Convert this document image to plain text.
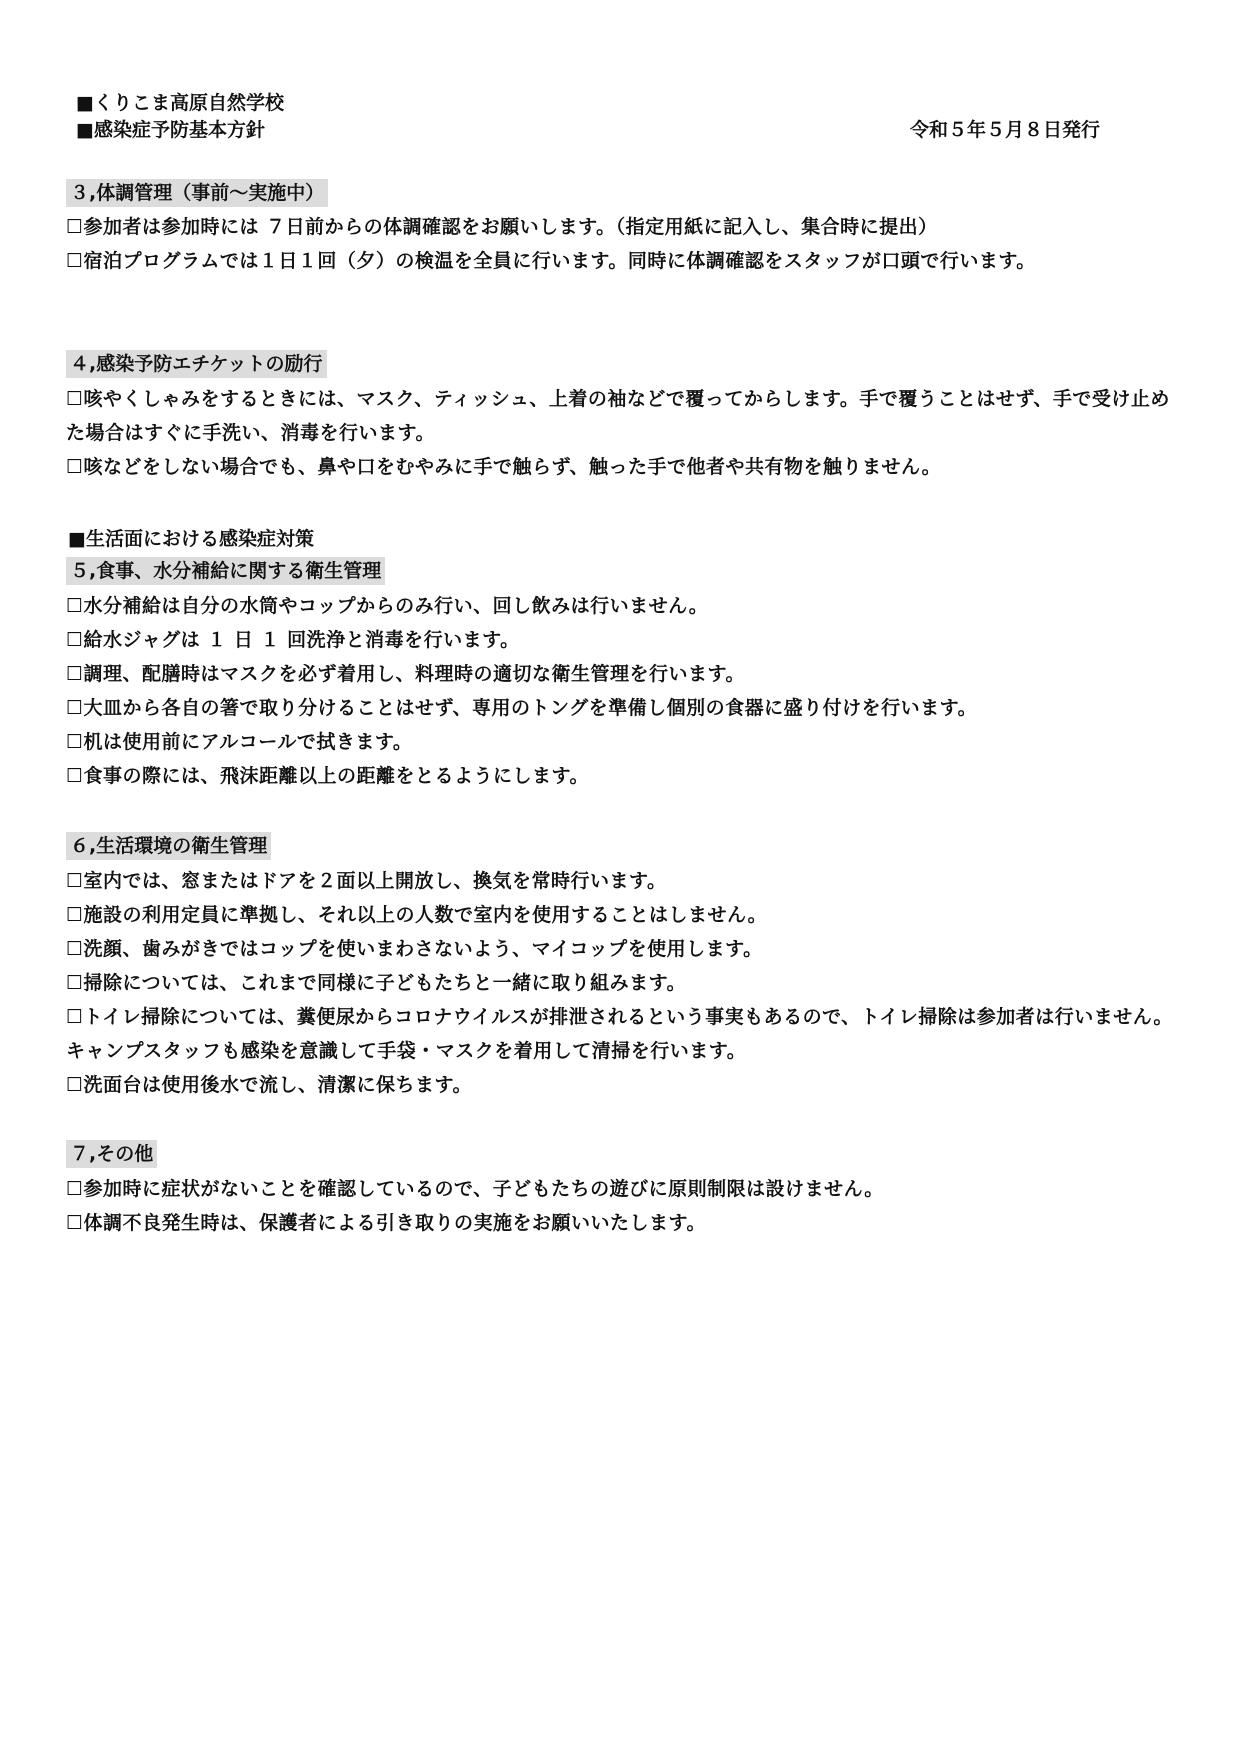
■くりこま高原自然学校
■感染症予防基本方針	令和５年５月８日発行
３,体調管理（事前～実施中）
☐参加者は参加時には ７日前からの体調確認をお願いします。（指定用紙に記入し、集合時に提出）
☐宿泊プログラムでは１日１回（夕）の検温を全員に行います。同時に体調確認をスタッフが口頭で行います。
４,感染予防エチケットの励行
☐咳やくしゃみをするときには、マスク、ティッシュ、上着の袖などで覆ってからします。手で覆うことはせず、手で受け止めた場合はすぐに手洗い、消毒を行います。
☐咳などをしない場合でも、鼻や口をむやみに手で触らず、触った手で他者や共有物を触りません。
■生活面における感染症対策
５,食事、水分補給に関する衛生管理
☐水分補給は自分の水筒やコップからのみ行い、回し飲みは行いません。
☐給水ジャグは １ 日 １ 回洗浄と消毒を行います。
☐調理、配膳時はマスクを必ず着用し、料理時の適切な衛生管理を行います。
☐大皿から各自の箸で取り分けることはせず、専用のトングを準備し個別の食器に盛り付けを行います。
☐机は使用前にアルコールで拭きます。
☐食事の際には、飛沫距離以上の距離をとるようにします。
６,生活環境の衛生管理
☐室内では、窓またはドアを２面以上開放し、換気を常時行います。
☐施設の利用定員に準拠し、それ以上の人数で室内を使用することはしません。
☐洗顔、歯みがきではコップを使いまわさないよう、マイコップを使用します。
☐掃除については、これまで同様に子どもたちと一緒に取り組みます。
☐トイレ掃除については、糞便尿からコロナウイルスが排泄されるという事実もあるので、トイレ掃除は参加者は行いません。キャンプスタッフも感染を意識して手袋・マスクを着用して清掃を行います。
☐洗面台は使用後水で流し、清潔に保ちます。
７,その他
☐参加時に症状がないことを確認しているので、子どもたちの遊びに原則制限は設けません。
☐体調不良発生時は、保護者による引き取りの実施をお願いいたします。
